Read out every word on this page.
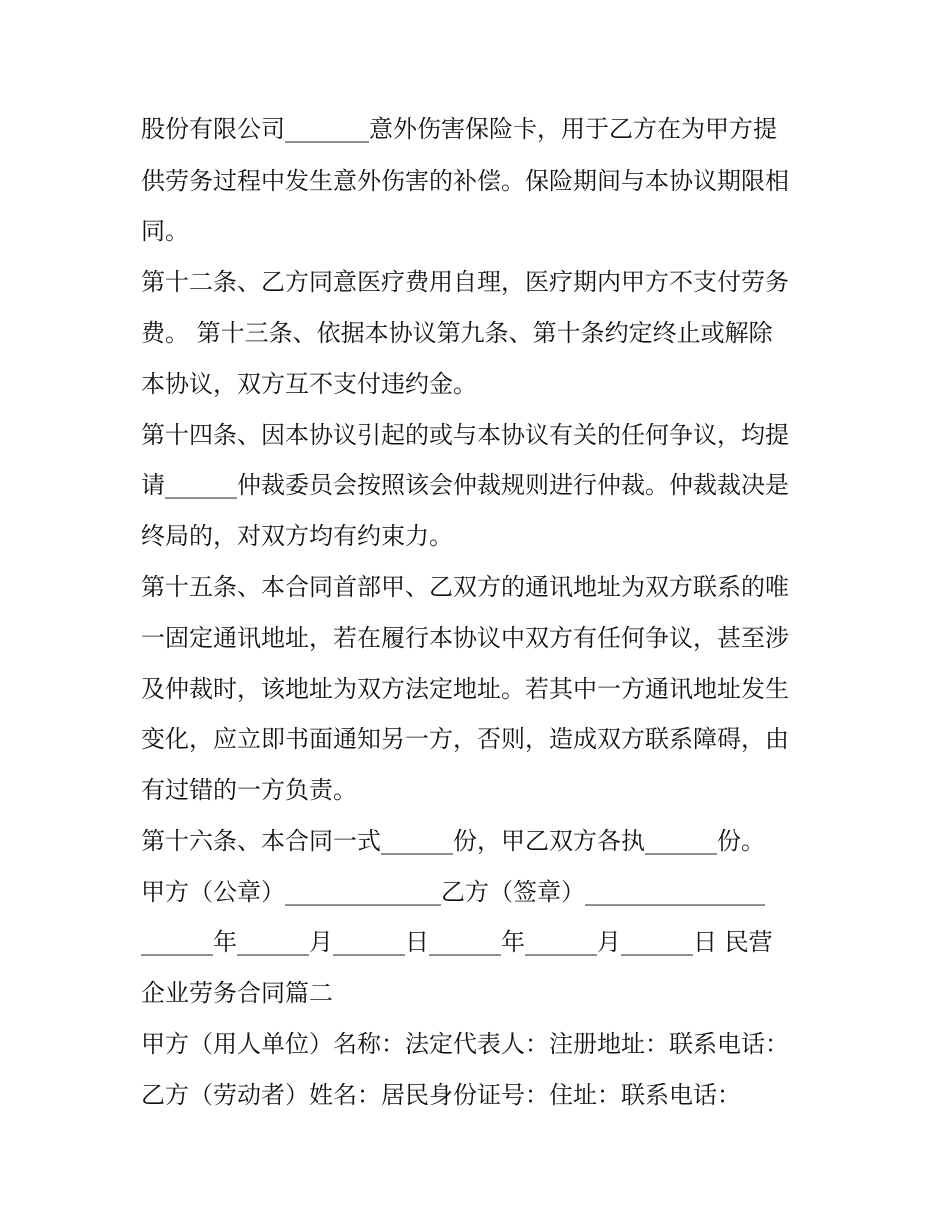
股份有限公司_______意外伤害保险卡，用于乙方在为甲方提
供劳务过程中发生意外伤害的补偿。保险期间与本协议期限相
同。
第十二条、乙方同意医疗费用自理，医疗期内甲方不支付劳务
费。 第十三条、依据本协议第九条、第十条约定终止或解除
本协议，双方互不支付违约金。
第十四条、因本协议引起的或与本协议有关的任何争议，均提
请______仲裁委员会按照该会仲裁规则进行仲裁。仲裁裁决是
终局的，对双方均有约束力。
第十五条、本合同首部甲、乙双方的通讯地址为双方联系的唯
一固定通讯地址，若在履行本协议中双方有任何争议，甚至涉
及仲裁时，该地址为双方法定地址。若其中一方通讯地址发生
变化，应立即书面通知另一方，否则，造成双方联系障碍，由
有过错的一方负责。
第十六条、本合同一式______份，甲乙双方各执______份。
甲方（公章）_____________乙方（签章）_______________
______年______月______日______年______月______日 民营
企业劳务合同篇二
甲方（用人单位）名称：法定代表人：注册地址：联系电话：
乙方（劳动者）姓名：居民身份证号：住址：联系电话：
